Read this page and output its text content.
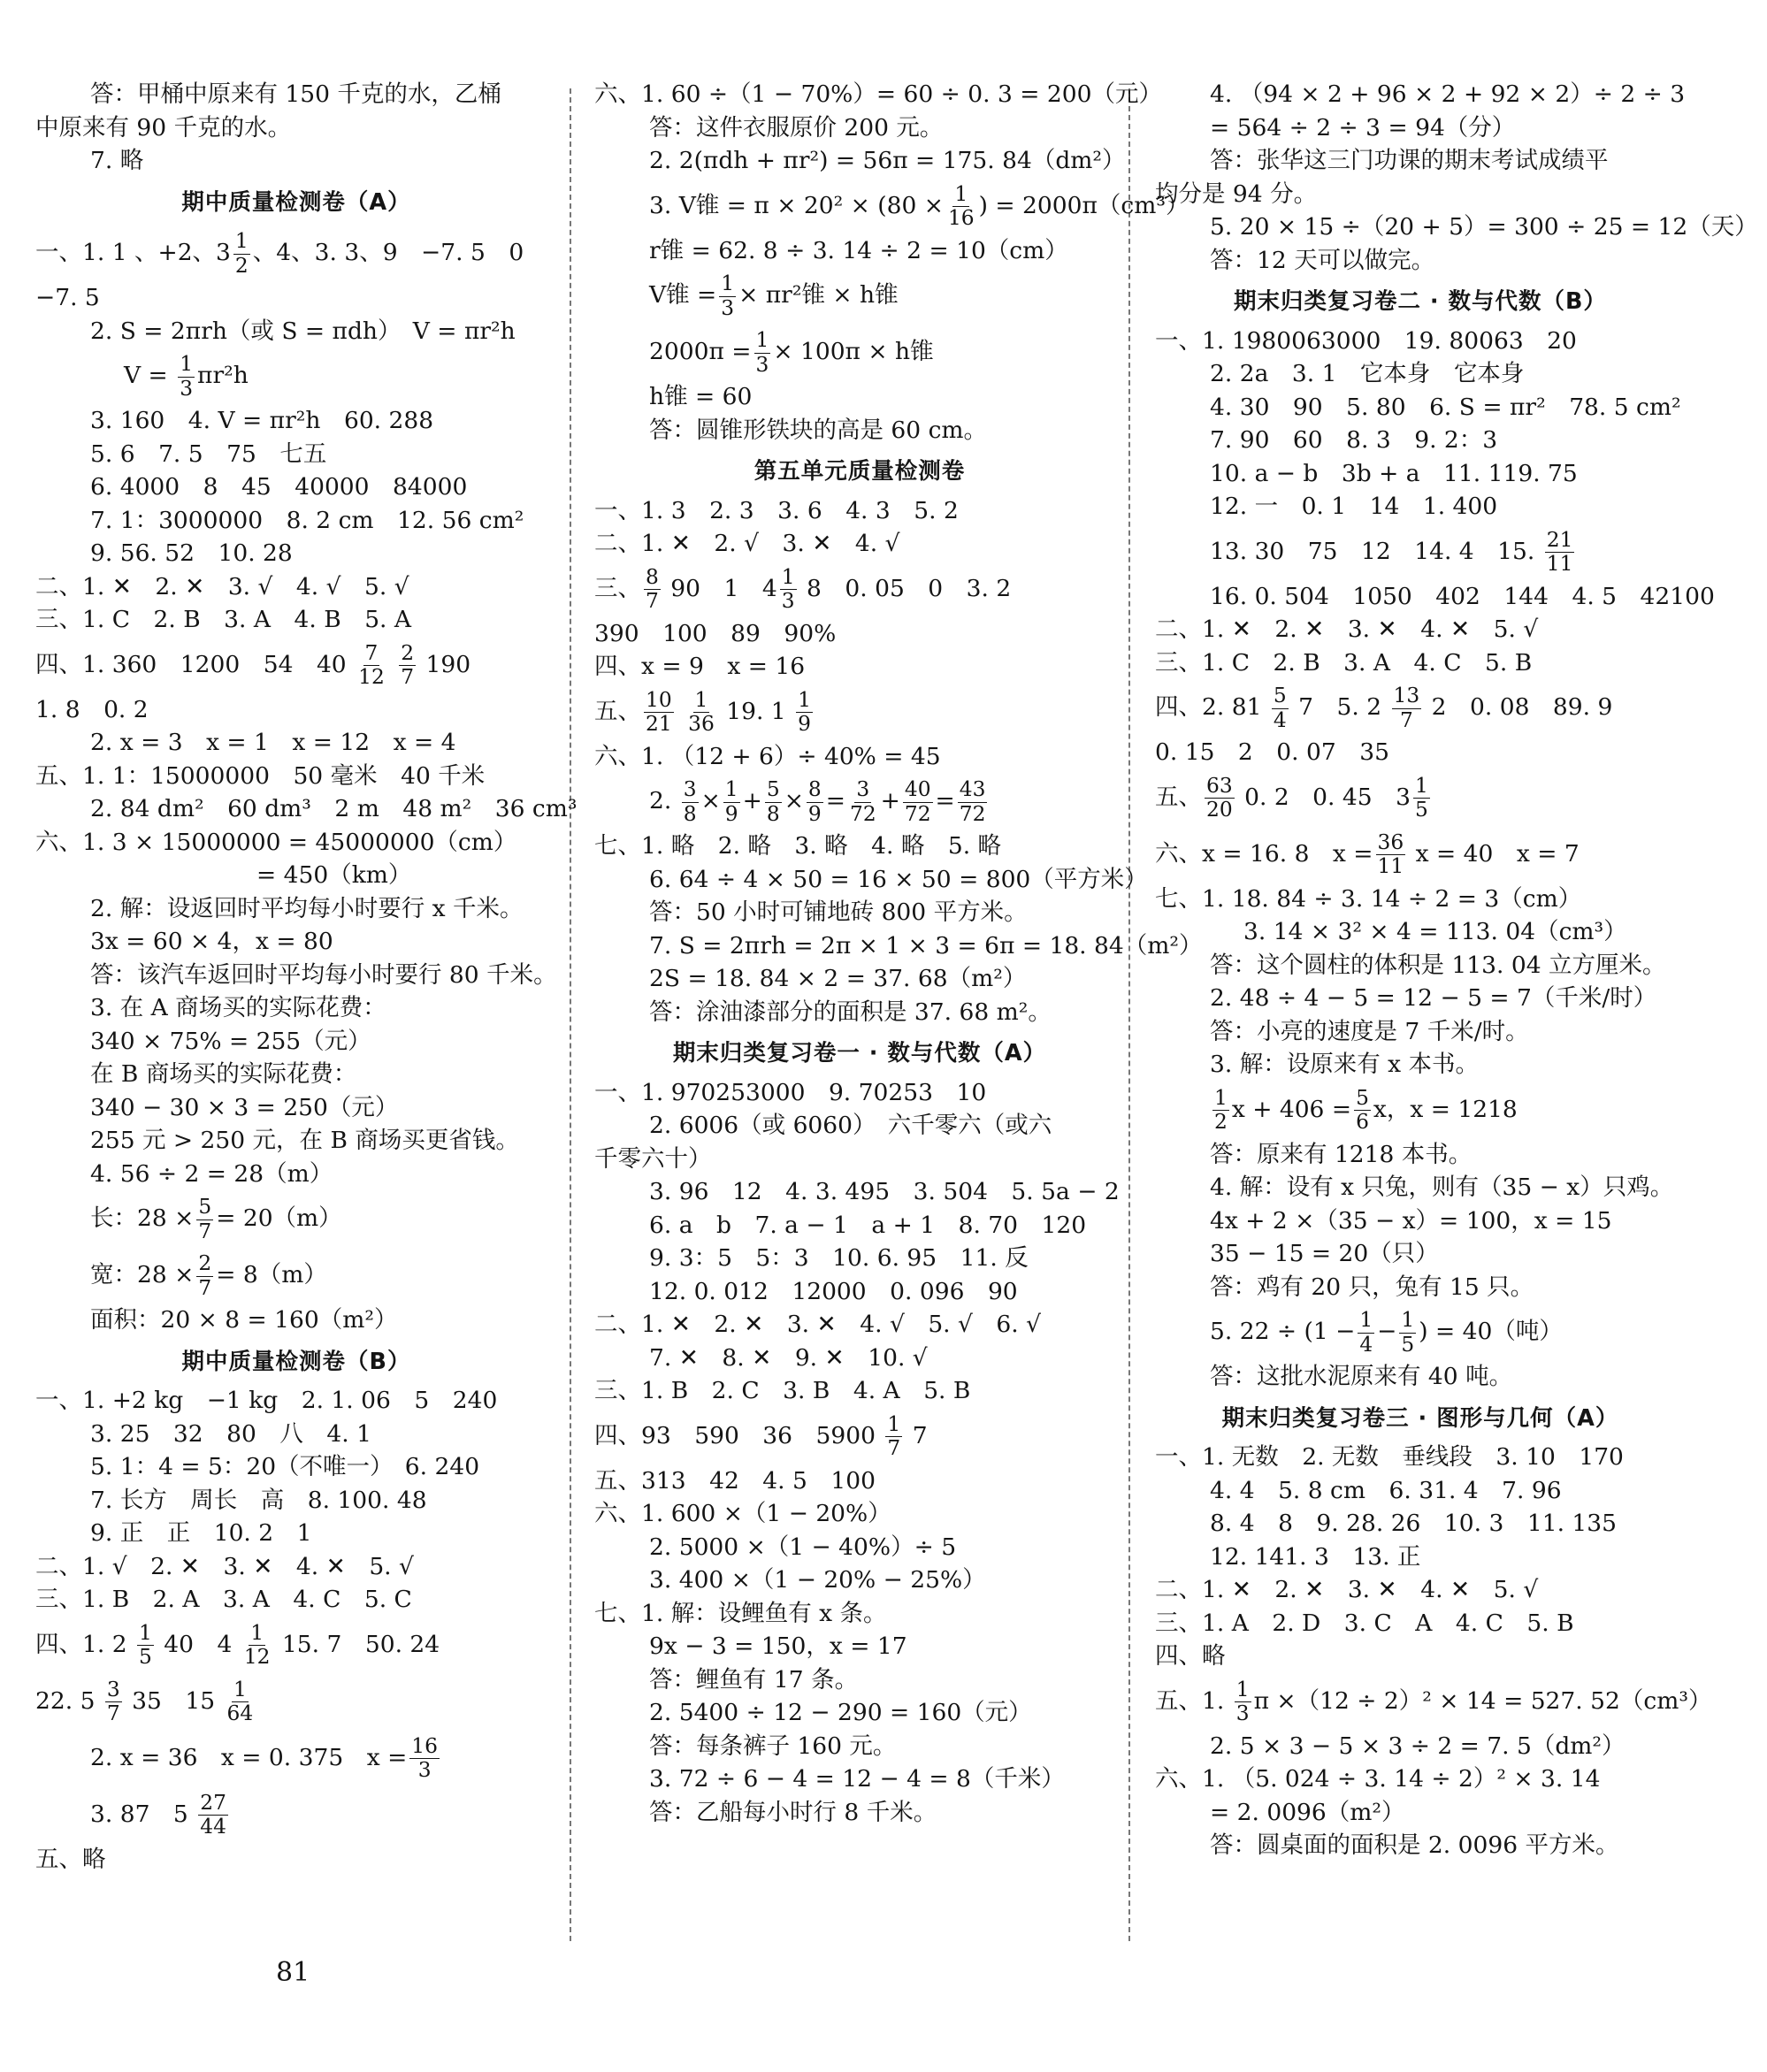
答：甲桶中原来有 150 千克的水，乙桶
中原来有 90 千克的水。
7. 略
期中质量检测卷（A）
一、1. 1 、+2、$3 \frac{1}{2}$ 、4、3. 3、9　−7. 5　0
−7. 5
2. S = 2πrh（或 S = πdh）　V = πr²h
$V = \frac{1}{3} \pi r^2h$
3. 160　4. V = πr²h　60. 288
5. 6　7. 5　75　七五
6. 4000　8　45　40000　84000
7. 1：3000000　8. 2 cm　12. 56 cm²
9. 56. 52　10. 28
二、1. ✕　2. ✕　3. √　4. √　5. √
三、1. C　2. B　3. A　4. B　5. A
四、1. 360　1200　54　$40 \frac{7}{12}$
$\frac{2}{7} 190$
1. 8　0. 2
2. x = 3　x = 1　x = 12　x = 4
五、1. 1：15000000　50 毫米　40 千米
2. 84 dm²　60 dm³　2 m　48 m²　36 cm³
六、1. 3 × 15000000 = 45000000（cm）
= 450（km）
2. 解：设返回时平均每小时要行 x 千米。
3x = 60 × 4，x = 80
答：该汽车返回时平均每小时要行 80 千米。
3. 在 A 商场买的实际花费：
340 × 75% = 255（元）
在 B 商场买的实际花费：
340 − 30 × 3 = 250（元）
255 元 > 250 元，在 B 商场买更省钱。
4. 56 ÷ 2 = 28（m）
长：$28 \times \frac{5}{7} = 20(m)$
宽：$28 \times \frac{2}{7} = 8(m)$
面积：20 × 8 = 160（m²）
期中质量检测卷（B）
一、1. +2 kg　−1 kg　2. 1. 06　5　240
3. 25　32　80　八　4. 1
5. 1：4 = 5：20（不唯一）　6. 240
7. 长方　周长　高　8. 100. 48
9. 正　正　10. 2　1
二、1. √　2. ✕　3. ✕　4. ✕　5. √
三、1. B　2. A　3. A　4. C　5. C
四、1. $2 \frac{1}{5} 40$　$4 \frac{1}{12} 15$. 7　50. 24
22. $5 \frac{3}{7} 35$　$15 \frac{1}{64}$
2. x = 36　x = 0. 375　$x = \frac{16}{3}$
3. 87　$5 \frac{27}{44}$
五、略
六、1. 60 ÷（1 − 70%）= 60 ÷ 0. 3 = 200（元）
答：这件衣服原价 200 元。
2. 2(πdh + πr²) = 56π = 175. 84（dm²）
3. V锥 = $\pi \times 20^2 \times (80 \times \frac{1}{16}$ ) = 2000π（cm³）
r锥 = 62. 8 ÷ 3. 14 ÷ 2 = 10（cm）
V锥 = $\frac{1}{3} \times \pi r^2$锥 × h锥
$2000\pi = \frac{1}{3} \times 100\pi \times h$锥
h锥 = 60
答：圆锥形铁块的高是 60 cm。
第五单元质量检测卷
一、1. 3　2. 3　3. 6　4. 3　5. 2
二、1. ✕　2. √　3. ✕　4. √
三、 $\frac{8}{7} 90$　1　$4 \frac{1}{3} 8$　0. 05　0　3. 2
390　100　89　90%
四、x = 9　x = 16
五、 $\frac{10}{21}$
$\frac{1}{36} 19$. $1 \frac{1}{9}$
六、1. （12 + 6）÷ 40% = 45
2. $\frac{3}{8} \times \frac{1}{9} + \frac{5}{8} \times \frac{8}{9} = \frac{3}{72} + \frac{40}{72} = \frac{43}{72}$
七、1. 略　2. 略　3. 略　4. 略　5. 略
6. 64 ÷ 4 × 50 = 16 × 50 = 800（平方米）
答：50 小时可铺地砖 800 平方米。
7. S = 2πrh = 2π × 1 × 3 = 6π = 18. 84（m²）
2S = 18. 84 × 2 = 37. 68（m²）
答：涂油漆部分的面积是 37. 68 m²。
期末归类复习卷一 · 数与代数（A）
一、1. 970253000　9. 70253　10
2. 6006（或 6060）　六千零六（或六
千零六十）
3. 96　12　4. 3. 495　3. 504　5. 5a − 2
6. a　b　7. a − 1　a + 1　8. 70　120
9. 3：5　5：3　10. 6. 95　11. 反
12. 0. 012　12000　0. 096　90
二、1. ✕　2. ✕　3. ✕　4. √　5. √　6. √
7. ✕　8. ✕　9. ✕　10. √
三、1. B　2. C　3. B　4. A　5. B
四、93　590　36　$5900 \frac{1}{7} 7$
五、313　42　4. 5　100
六、1. 600 ×（1 − 20%）
2. 5000 ×（1 − 40%）÷ 5
3. 400 ×（1 − 20% − 25%）
七、1. 解：设鲤鱼有 x 条。
9x − 3 = 150，x = 17
答：鲤鱼有 17 条。
2. 5400 ÷ 12 − 290 = 160（元）
答：每条裤子 160 元。
3. 72 ÷ 6 − 4 = 12 − 4 = 8（千米）
答：乙船每小时行 8 千米。
4. （94 × 2 + 96 × 2 + 92 × 2）÷ 2 ÷ 3
= 564 ÷ 2 ÷ 3 = 94（分）
答：张华这三门功课的期末考试成绩平
均分是 94 分。
5. 20 × 15 ÷（20 + 5）= 300 ÷ 25 = 12（天）
答：12 天可以做完。
期末归类复习卷二 · 数与代数（B）
一、1. 1980063000　19. 80063　20
2. 2a　3. 1　它本身　它本身
4. 30　90　5. 80　6. S = πr²　78. 5 cm²
7. 90　60　8. 3　9. 2：3
10. a − b　3b + a　11. 119. 75
12. 一　0. 1　14　1. 400
13. 30　75　12　14. 4　15. $\frac{21}{11}$
16. 0. 504　1050　402　144　4. 5　42100
二、1. ✕　2. ✕　3. ✕　4. ✕　5. √
三、1. C　2. B　3. A　4. C　5. B
四、2. $81 \frac{5}{4} 7$　5. $2 \frac{13}{7} 2$　0. 08　89. 9
0. 15　2　0. 07　35
五、 $\frac{63}{20} 0$. 2　0. 45　$3 \frac{1}{5}$
六、x = 16. 8　$x = \frac{36}{11}$ x = 40　x = 7
七、1. 18. 84 ÷ 3. 14 ÷ 2 = 3（cm）
3. 14 × 3² × 4 = 113. 04（cm³）
答：这个圆柱的体积是 113. 04 立方厘米。
2. 48 ÷ 4 − 5 = 12 − 5 = 7（千米/时）
答：小亮的速度是 7 千米/时。
3. 解：设原来有 x 本书。
$\frac{1}{2}$ $x + 406 = \frac{5}{6}$ x，x = 1218
答：原来有 1218 本书。
4. 解：设有 x 只兔，则有（35 − x）只鸡。
4x + 2 ×（35 − x）= 100，x = 15
35 − 15 = 20（只）
答：鸡有 20 只，兔有 15 只。
5. $22 \div (1 - \frac{1}{4} - \frac{1}{5}$ ) = 40（吨）
答：这批水泥原来有 40 吨。
期末归类复习卷三 · 图形与几何（A）
一、1. 无数　2. 无数　垂线段　3. 10　170
4. 4　5. 8 cm　6. 31. 4　7. 96
8. 4　8　9. 28. 26　10. 3　11. 135
12. 141. 3　13. 正
二、1. ✕　2. ✕　3. ✕　4. ✕　5. √
三、1. A　2. D　3. C　A　4. C　5. B
四、略
五、1. $\frac{1}{3}$ π ×（12 ÷ 2）² × 14 = 527. 52（cm³）
2. 5 × 3 − 5 × 3 ÷ 2 = 7. 5（dm²）
六、1. （5. 024 ÷ 3. 14 ÷ 2）² × 3. 14
= 2. 0096（m²）
答：圆桌面的面积是 2. 0096 平方米。
81
